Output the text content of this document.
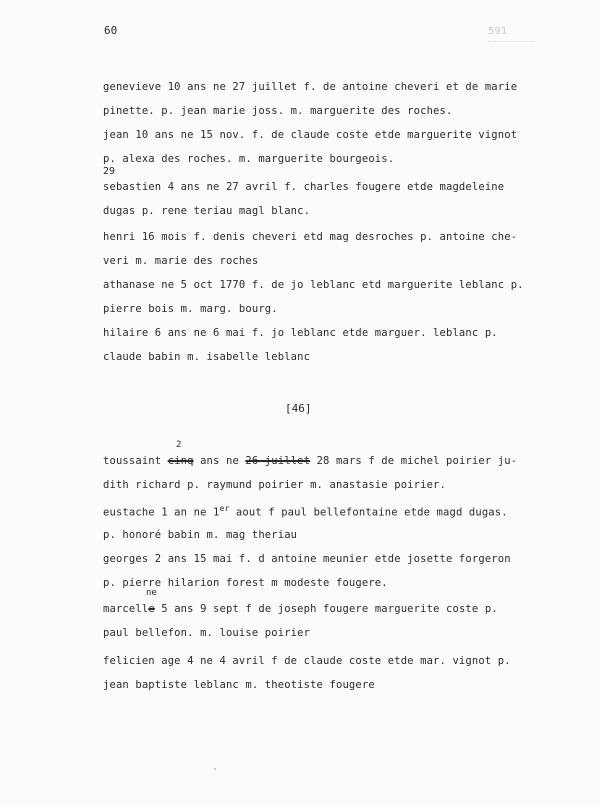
60	591
genevieve 10 ans ne 27 juillet f. de antoine cheveri et de marie
pinette. p. jean marie joss. m. marguerite des roches.
jean 10 ans ne 15 nov. f. de claude coste etde marguerite vignot
p. alexa des roches. m. marguerite bourgeois.
29
sebastien 4 ans ne 27 avril f. charles fougere etde magdeleine
dugas p. rene teriau magl blanc.
henri 16 mois f. denis cheveri etd mag desroches p. antoine che-
veri m. marie des roches
athanase ne 5 oct 1770 f. de jo leblanc etd marguerite leblanc p.
pierre bois m. marg. bourg.
hilaire 6 ans ne 6 mai f. jo leblanc etde marguer. leblanc p.
claude babin m. isabelle leblanc
[46]
2
toussaint cinq ans ne 26 juillet 28 mars f de michel poirier ju-
dith richard p. raymund poirier m. anastasie poirier.
eustache 1 an ne 1er aout f paul bellefontaine etde magd dugas.
p. honoré babin m. mag theriau
georges 2 ans 15 mai f. d antoine meunier etde josette forgeron
p. pierre hilarion forest m modeste fougere.
ne
marcelle 5 ans 9 sept f de joseph fougere marguerite coste p.
paul bellefon. m. louise poirier
felicien age 4 ne 4 avril f de claude coste etde mar. vignot p.
jean baptiste leblanc m. theotiste fougere
